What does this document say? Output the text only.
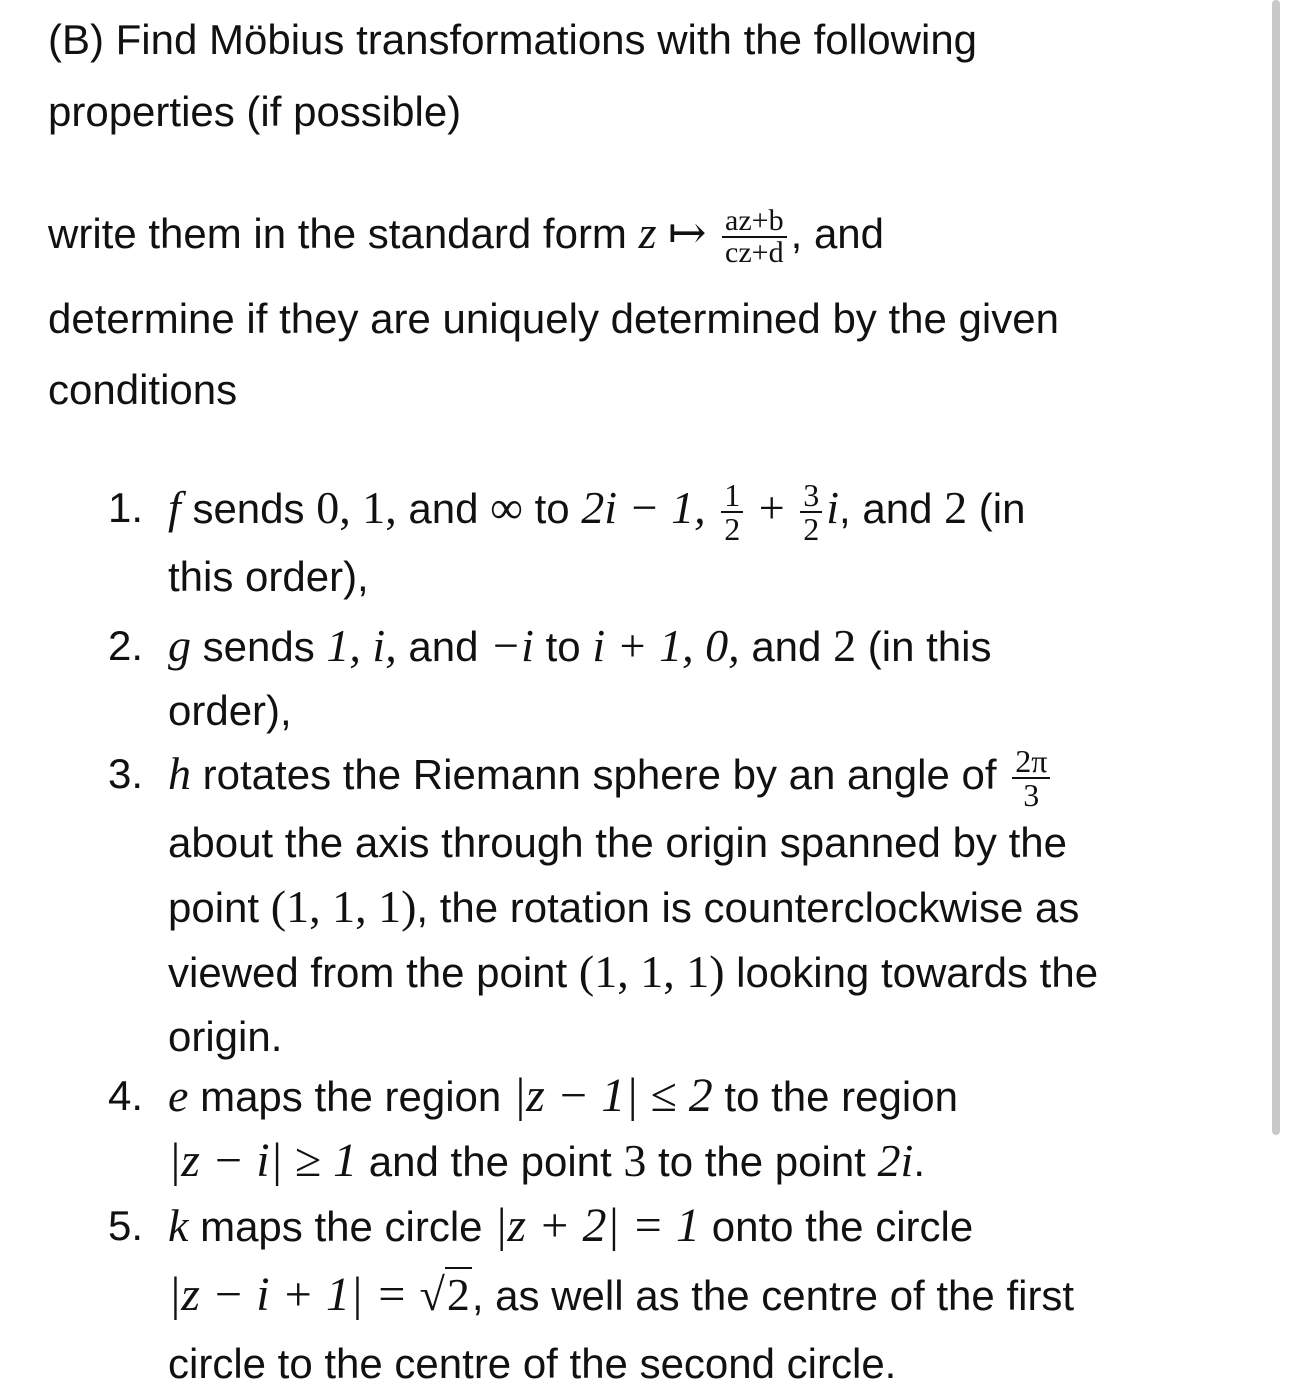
(B) Find Möbius transformations with the following

properties (if possible)

write them in the standard form z ↦ $\frac{az+b}{cz+d}$ , and

determine if they are uniquely determined by the given

conditions

1. f sends 0, 1, and ∞ to 2i − 1, $\frac{1}{2} + \frac{3}{2} i$, and 2 (in
this order),
2. g sends 1, i, and −i to i + 1, 0, and 2 (in this
order),
3. h rotates the Riemann sphere by an angle of $\frac{2\pi}{3}$
about the axis through the origin spanned by the
point (1, 1, 1), the rotation is counterclockwise as
viewed from the point (1, 1, 1) looking towards the
origin.
4. e maps the region |z − 1| ≤ 2 to the region
|z − i| ≥ 1 and the point 3 to the point 2i.
5. k maps the circle |z + 2| = 1 onto the circle
|z − i + 1| = √2, as well as the centre of the first
circle to the centre of the second circle.
